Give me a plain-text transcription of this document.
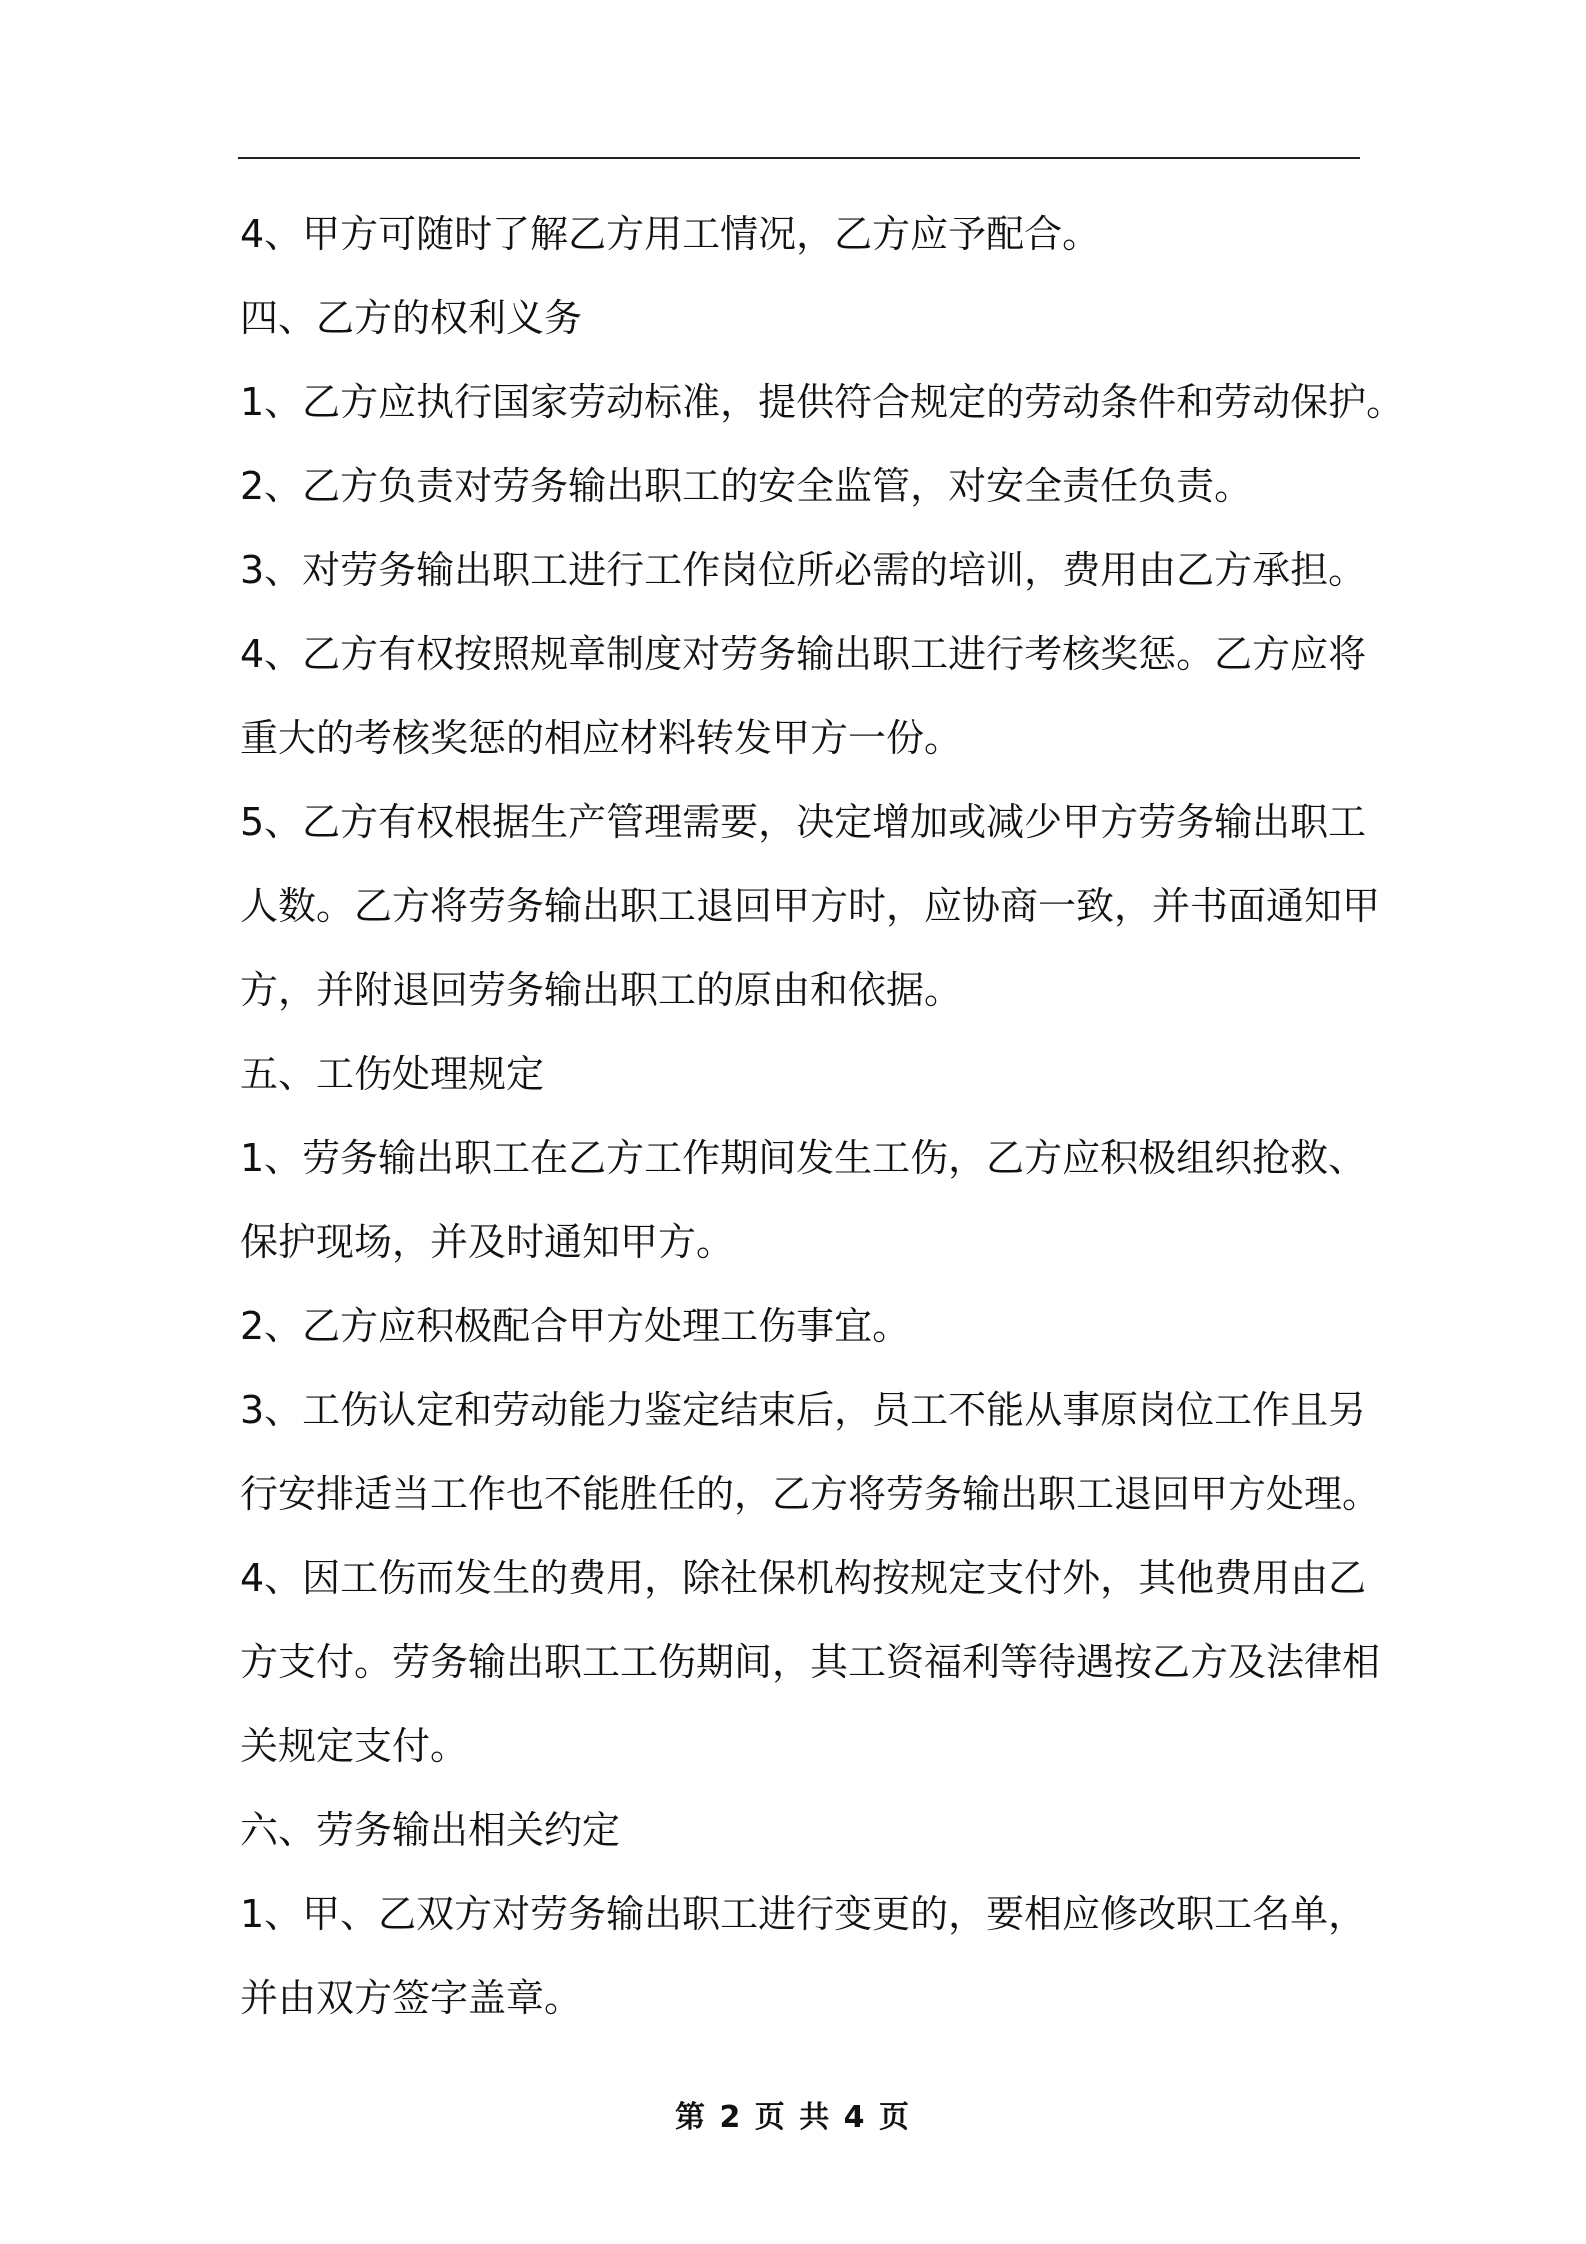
4、甲方可随时了解乙方用工情况，乙方应予配合。

四、乙方的权利义务

1、乙方应执行国家劳动标准，提供符合规定的劳动条件和劳动保护。

2、乙方负责对劳务输出职工的安全监管，对安全责任负责。

3、对劳务输出职工进行工作岗位所必需的培训，费用由乙方承担。

4、乙方有权按照规章制度对劳务输出职工进行考核奖惩。乙方应将

重大的考核奖惩的相应材料转发甲方一份。

5、乙方有权根据生产管理需要，决定增加或减少甲方劳务输出职工

人数。乙方将劳务输出职工退回甲方时，应协商一致，并书面通知甲

方，并附退回劳务输出职工的原由和依据。

五、工伤处理规定

1、劳务输出职工在乙方工作期间发生工伤，乙方应积极组织抢救、

保护现场，并及时通知甲方。

2、乙方应积极配合甲方处理工伤事宜。

3、工伤认定和劳动能力鉴定结束后，员工不能从事原岗位工作且另

行安排适当工作也不能胜任的，乙方将劳务输出职工退回甲方处理。

4、因工伤而发生的费用，除社保机构按规定支付外，其他费用由乙

方支付。劳务输出职工工伤期间，其工资福利等待遇按乙方及法律相

关规定支付。

六、劳务输出相关约定

1、甲、乙双方对劳务输出职工进行变更的，要相应修改职工名单，

并由双方签字盖章。

第 2 页 共 4 页
